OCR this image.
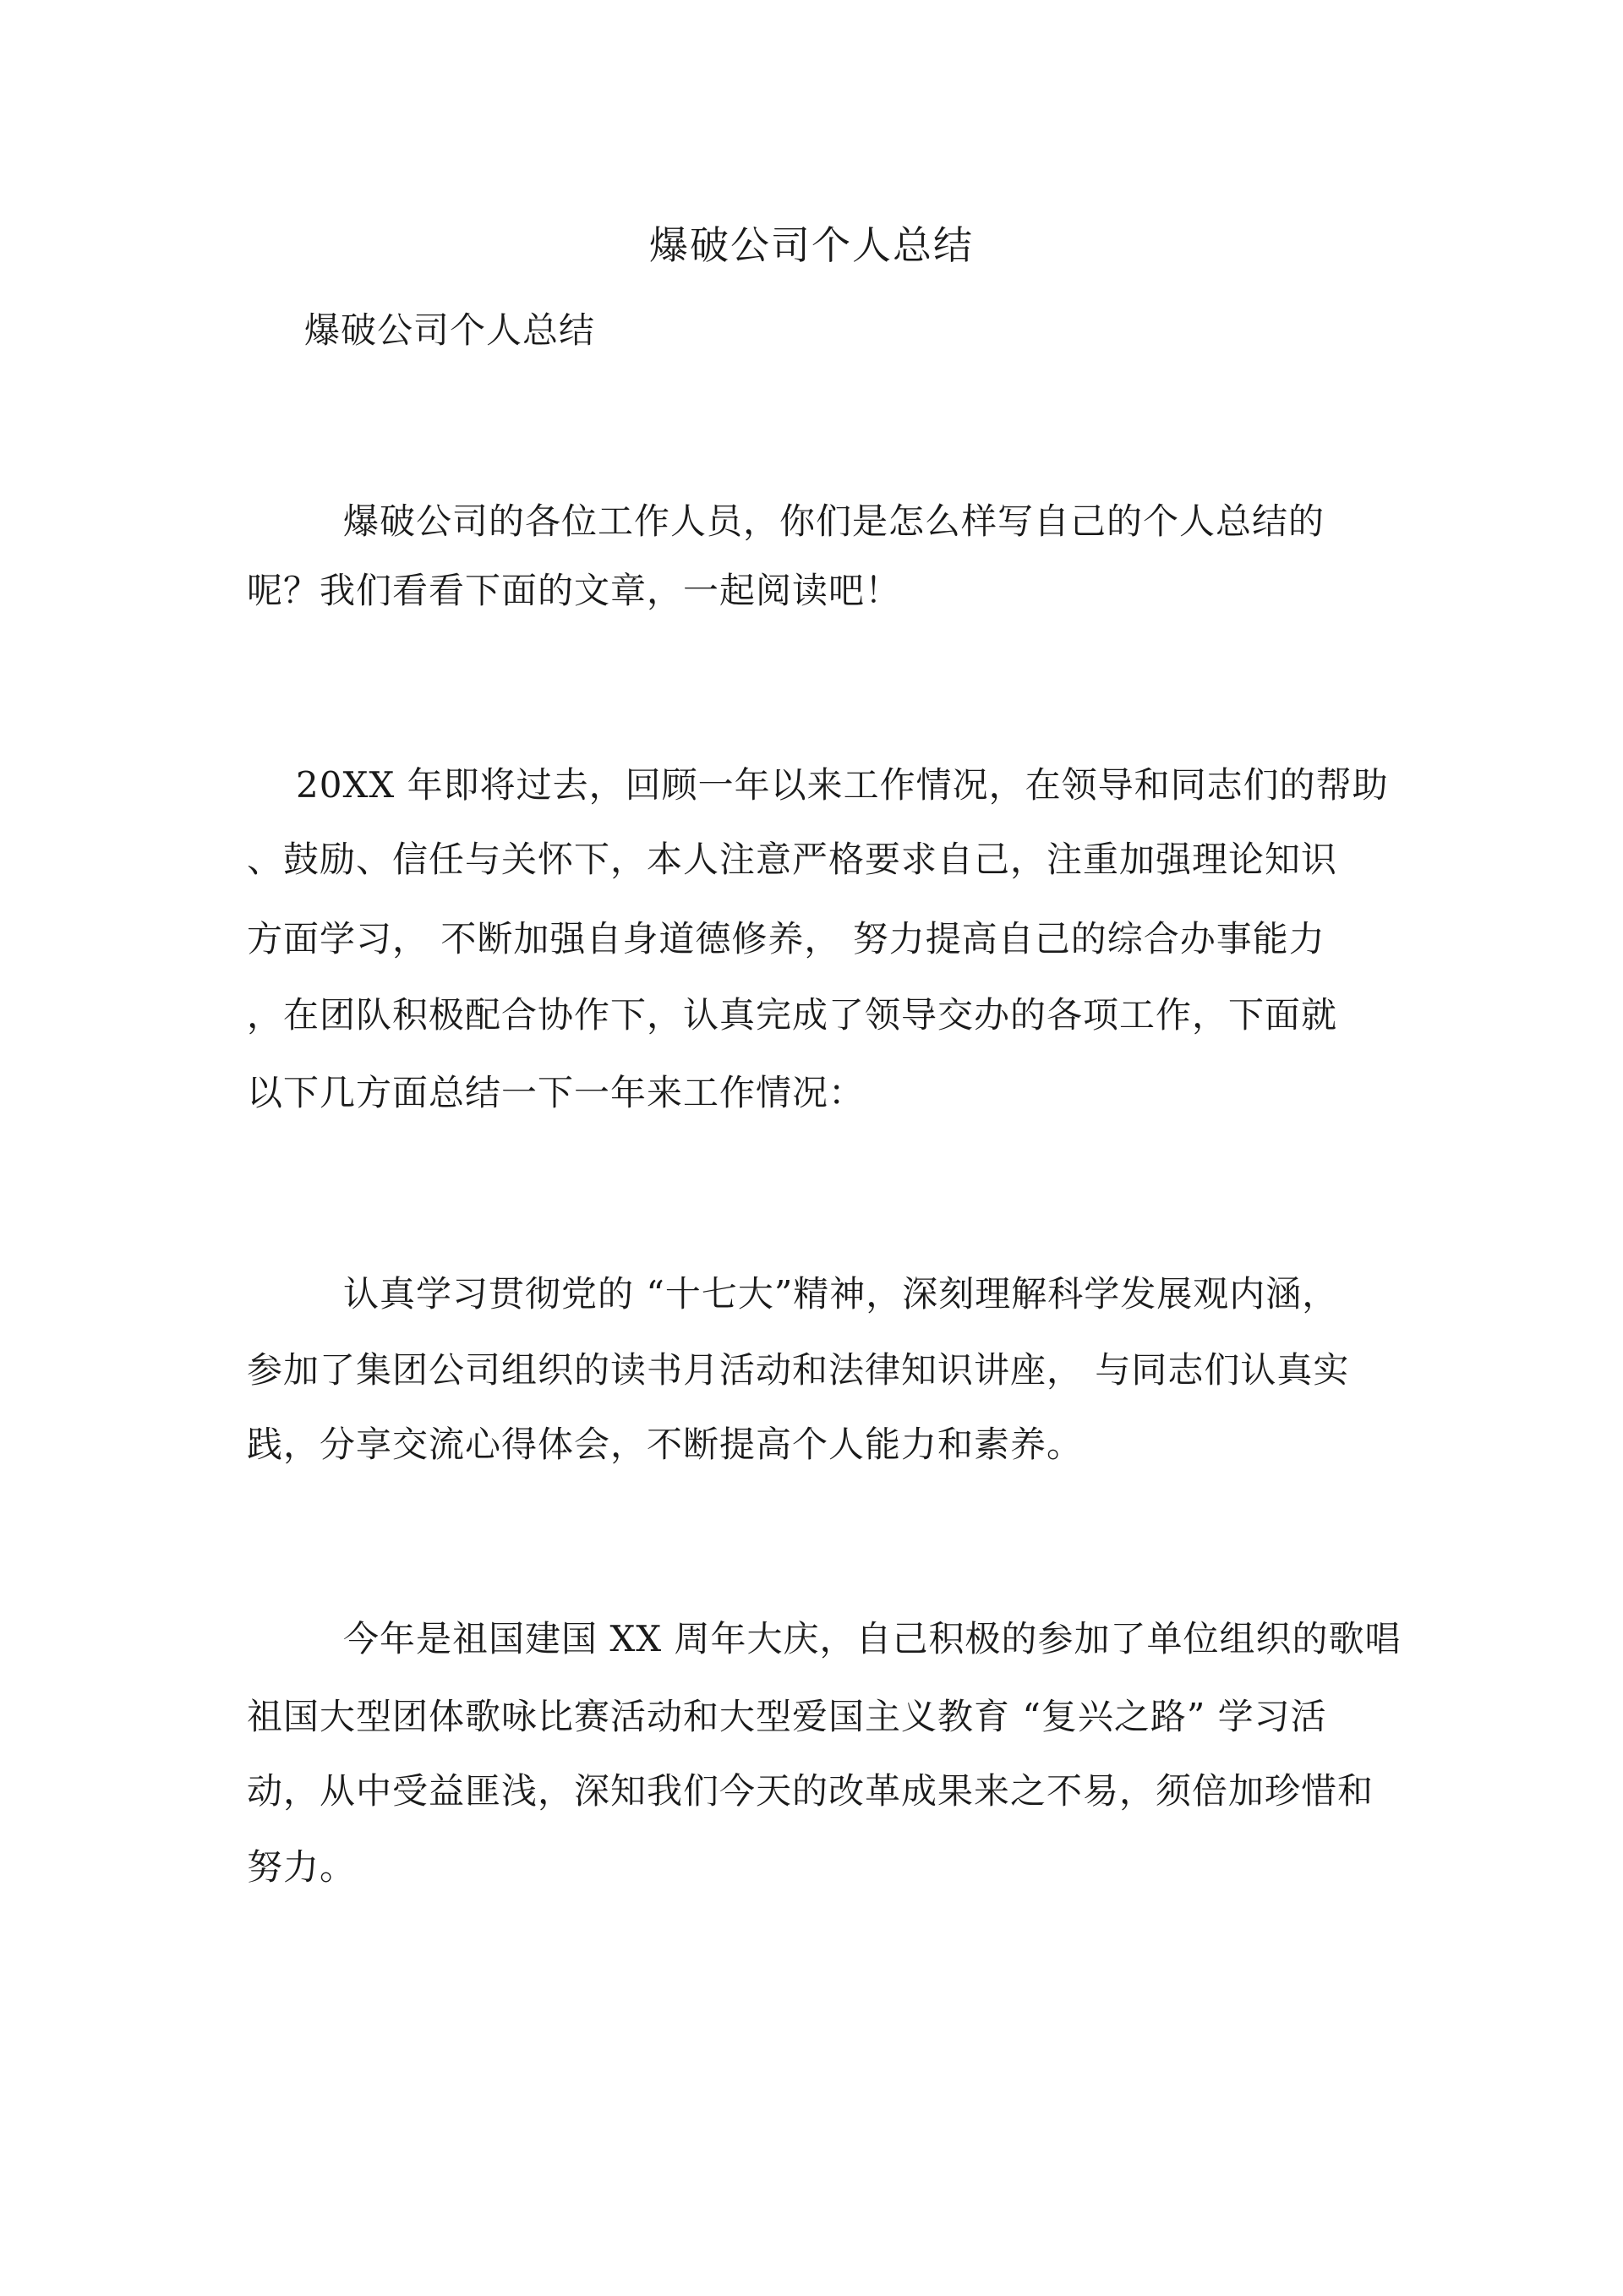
爆破公司个人总结
爆破公司个人总结
爆破公司的各位工作人员，你们是怎么样写自己的个人总结的
呢？我们看看下面的文章，一起阅读吧！
20XX 年即将过去，回顾一年以来工作情况，在领导和同志们的帮助
、鼓励、信任与关怀下，本人注意严格要求自己，注重加强理论知识
方面学习， 不断加强自身道德修养， 努力提高自己的综合办事能力
，在团队积极配合协作下，认真完成了领导交办的各项工作，下面就
以下几方面总结一下一年来工作情况：
认真学习贯彻党的 “十七大”精神，深刻理解科学发展观内涵，
参加了集团公司组织的读书月活动和法律知识讲座， 与同志们认真实
践，分享交流心得体会，不断提高个人能力和素养。
今年是祖国建国 XX 周年大庆，自己积极的参加了单位组织的歌唱
祖国大型团体歌咏比赛活动和大型爱国主义教育 “复兴之路” 学习活
动，从中受益匪浅，深知我们今天的改革成果来之不易，须倍加珍惜和
努力。
